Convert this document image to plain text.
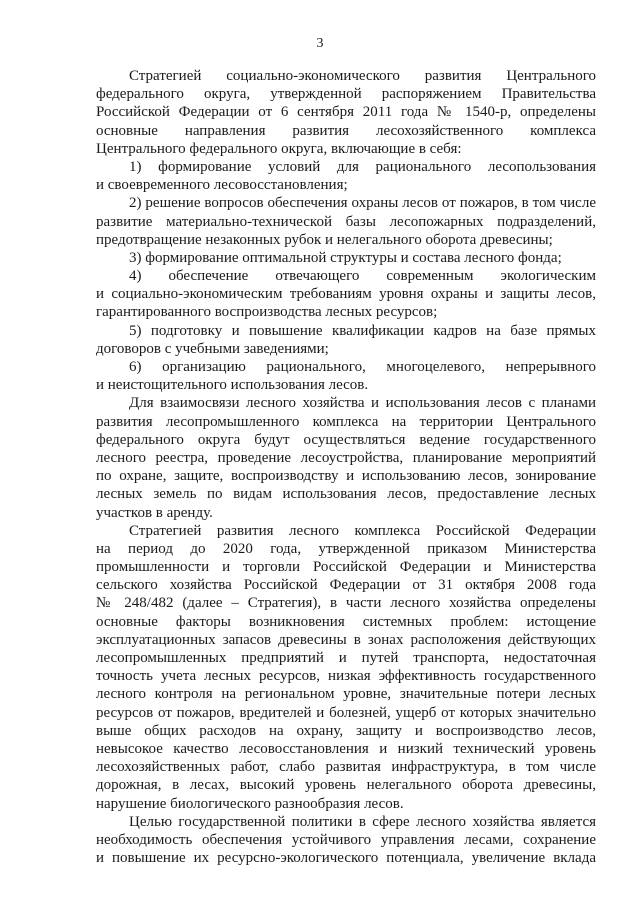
3
Стратегией социально-экономического развития Центрального
федерального округа, утвержденной распоряжением Правительства
Российской Федерации от 6 сентября 2011 года № 1540-р, определены
основные направления развития лесохозяйственного комплекса
Центрального федерального округа, включающие в себя:
1) формирование условий для рационального лесопользования
и своевременного лесовосстановления;
2) решение вопросов обеспечения охраны лесов от пожаров, в том числе
развитие материально-технической базы лесопожарных подразделений,
предотвращение незаконных рубок и нелегального оборота древесины;
3) формирование оптимальной структуры и состава лесного фонда;
4) обеспечение отвечающего современным экологическим
и социально-экономическим требованиям уровня охраны и защиты лесов,
гарантированного воспроизводства лесных ресурсов;
5) подготовку и повышение квалификации кадров на базе прямых
договоров с учебными заведениями;
6) организацию рационального, многоцелевого, непрерывного
и неистощительного использования лесов.
Для взаимосвязи лесного хозяйства и использования лесов с планами
развития лесопромышленного комплекса на территории Центрального
федерального округа будут осуществляться ведение государственного
лесного реестра, проведение лесоустройства, планирование мероприятий
по охране, защите, воспроизводству и использованию лесов, зонирование
лесных земель по видам использования лесов, предоставление лесных
участков в аренду.
Стратегией развития лесного комплекса Российской Федерации
на период до 2020 года, утвержденной приказом Министерства
промышленности и торговли Российской Федерации и Министерства
сельского хозяйства Российской Федерации от 31 октября 2008 года
№ 248/482 (далее – Стратегия), в части лесного хозяйства определены
основные факторы возникновения системных проблем: истощение
эксплуатационных запасов древесины в зонах расположения действующих
лесопромышленных предприятий и путей транспорта, недостаточная
точность учета лесных ресурсов, низкая эффективность государственного
лесного контроля на региональном уровне, значительные потери лесных
ресурсов от пожаров, вредителей и болезней, ущерб от которых значительно
выше общих расходов на охрану, защиту и воспроизводство лесов,
невысокое качество лесовосстановления и низкий технический уровень
лесохозяйственных работ, слабо развитая инфраструктура, в том числе
дорожная, в лесах, высокий уровень нелегального оборота древесины,
нарушение биологического разнообразия лесов.
Целью государственной политики в сфере лесного хозяйства является
необходимость обеспечения устойчивого управления лесами, сохранение
и повышение их ресурсно-экологического потенциала, увеличение вклада
